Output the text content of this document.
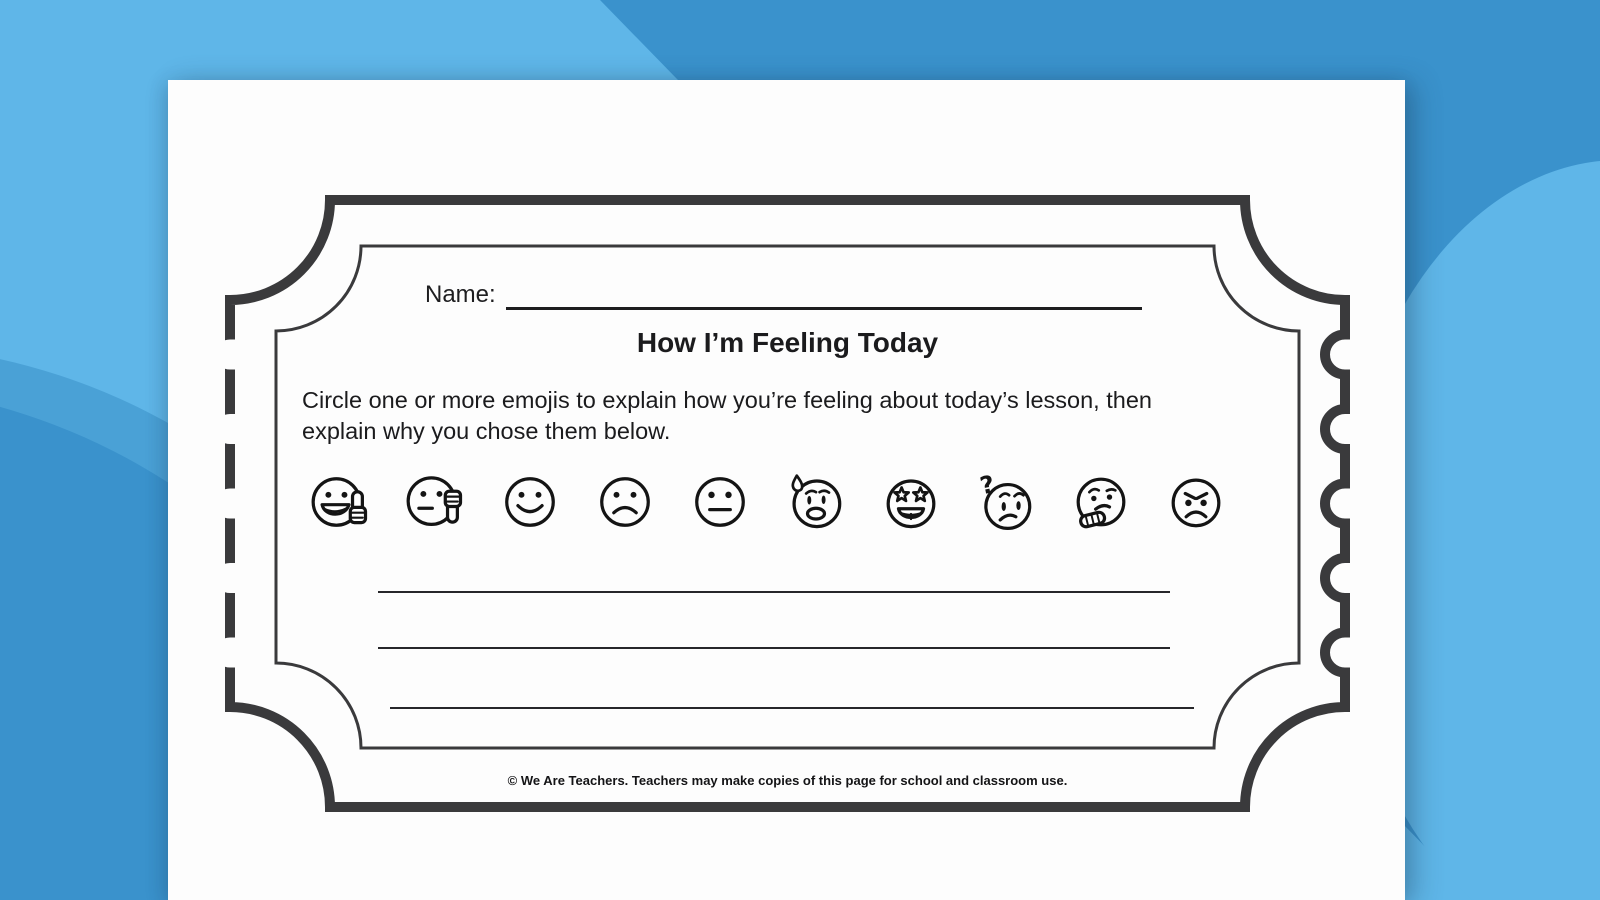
Name:
How I’m Feeling Today
Circle one or more emojis to explain how you’re feeling about today’s lesson, then
explain why you chose them below.
?
© We Are Teachers. Teachers may make copies of this page for school and classroom use.
